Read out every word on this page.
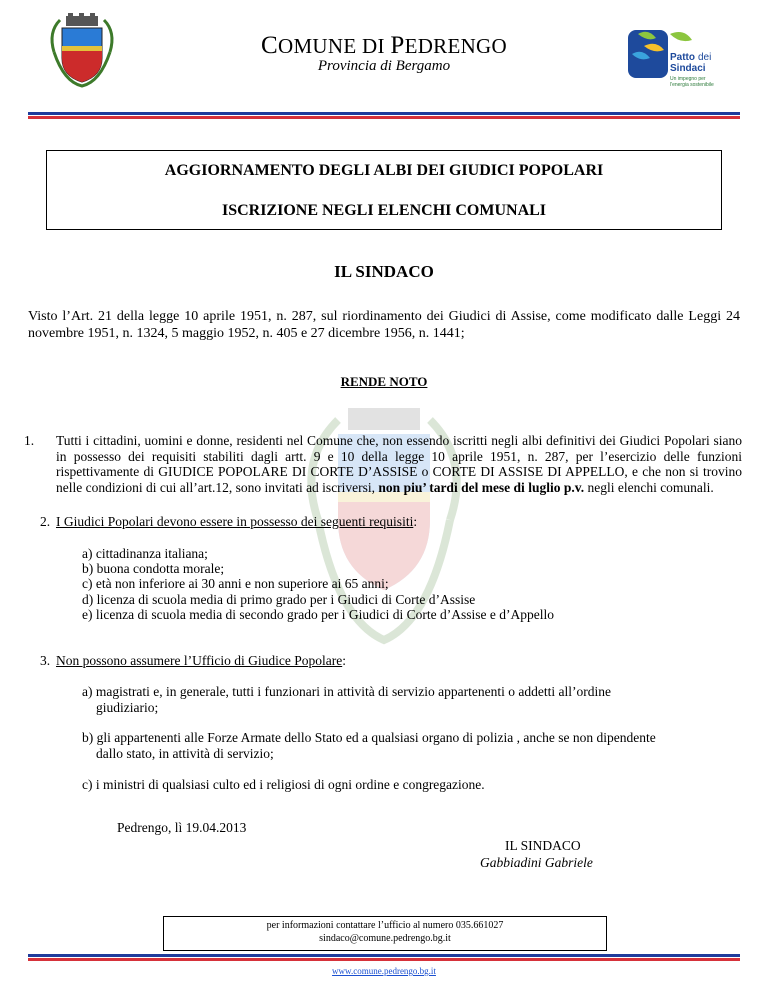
COMUNE DI PEDRENGO
Provincia di Bergamo
Patto dei
Sindaci
Un impegno per
l'energia sostenibile
AGGIORNAMENTO DEGLI ALBI DEI GIUDICI POPOLARI
ISCRIZIONE NEGLI ELENCHI COMUNALI
IL SINDACO
Visto l’Art. 21 della legge 10 aprile 1951, n. 287, sul riordinamento dei Giudici di Assise, come modificato dalle Leggi 24 novembre 1951, n. 1324, 5 maggio 1952, n. 405 e 27 dicembre 1956, n. 1441;
RENDE NOTO
1. Tutti i cittadini, uomini e donne, residenti nel Comune che, non essendo iscritti negli albi definitivi dei Giudici Popolari siano in possesso dei requisiti stabiliti dagli artt. 9 e 10 della legge 10 aprile 1951, n. 287, per l’esercizio delle funzioni rispettivamente di GIUDICE POPOLARE DI CORTE D’ASSISE o CORTE DI ASSISE DI APPELLO, e che non si trovino nelle condizioni di cui all’art.12, sono invitati ad iscriversi, non piu’ tardi del mese di luglio p.v. negli elenchi comunali.
2. I Giudici Popolari devono essere in possesso dei seguenti requisiti:
a) cittadinanza italiana;
b) buona condotta morale;
c) età non inferiore ai 30 anni e non superiore ai 65 anni;
d) licenza di scuola media di primo grado per i Giudici di Corte d’Assise
e) licenza di scuola media di secondo grado per i Giudici di Corte d’Assise e d’Appello
3. Non possono assumere l’Ufficio di Giudice Popolare:
a) magistrati e, in generale, tutti i funzionari in attività di servizio appartenenti o addetti all’ordine giudiziario;
b) gli appartenenti alle Forze Armate dello Stato ed a qualsiasi organo di polizia , anche se non dipendente dallo stato, in attività di servizio;
c) i ministri di qualsiasi culto ed i religiosi di ogni ordine e congregazione.
Pedrengo, lì 19.04.2013
IL SINDACO
Gabbiadini Gabriele
per informazioni contattare l’ufficio al numero 035.661027
sindaco@comune.pedrengo.bg.it
www.comune.pedrengo.bg.it
